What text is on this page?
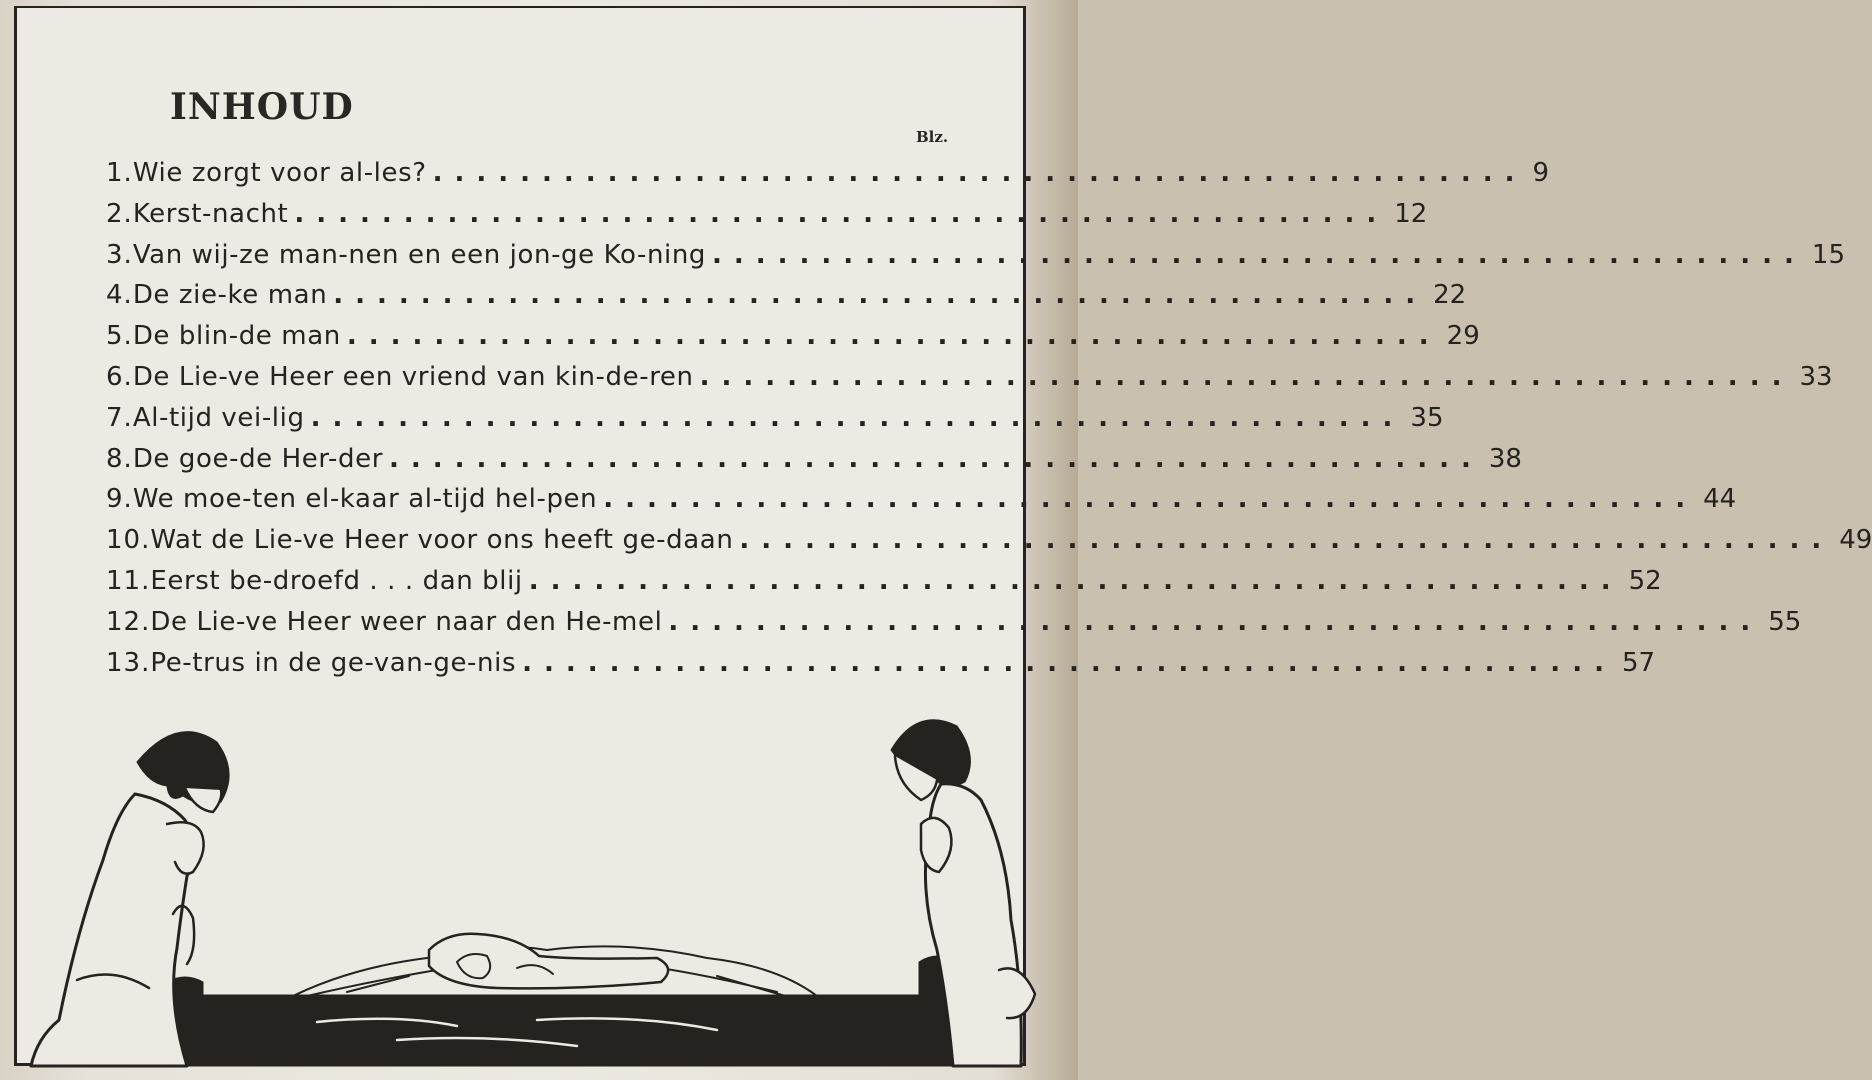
INHOUD
Blz.
1. Wie zorgt voor al-les? .................................................. 9
2. Kerst-nacht .................................................. 12
3. Van wij-ze man-nen en een jon-ge Ko-ning .................................................. 15
4. De zie-ke man .................................................. 22
5. De blin-de man .................................................. 29
6. De Lie-ve Heer een vriend van kin-de-ren .................................................. 33
7. Al-tijd vei-lig .................................................. 35
8. De goe-de Her-der .................................................. 38
9. We moe-ten el-kaar al-tijd hel-pen .................................................. 44
10. Wat de Lie-ve Heer voor ons heeft ge-daan .................................................. 49
11. Eerst be-droefd . . . dan blij .................................................. 52
12. De Lie-ve Heer weer naar den He-mel .................................................. 55
13. Pe-trus in de ge-van-ge-nis .................................................. 57
